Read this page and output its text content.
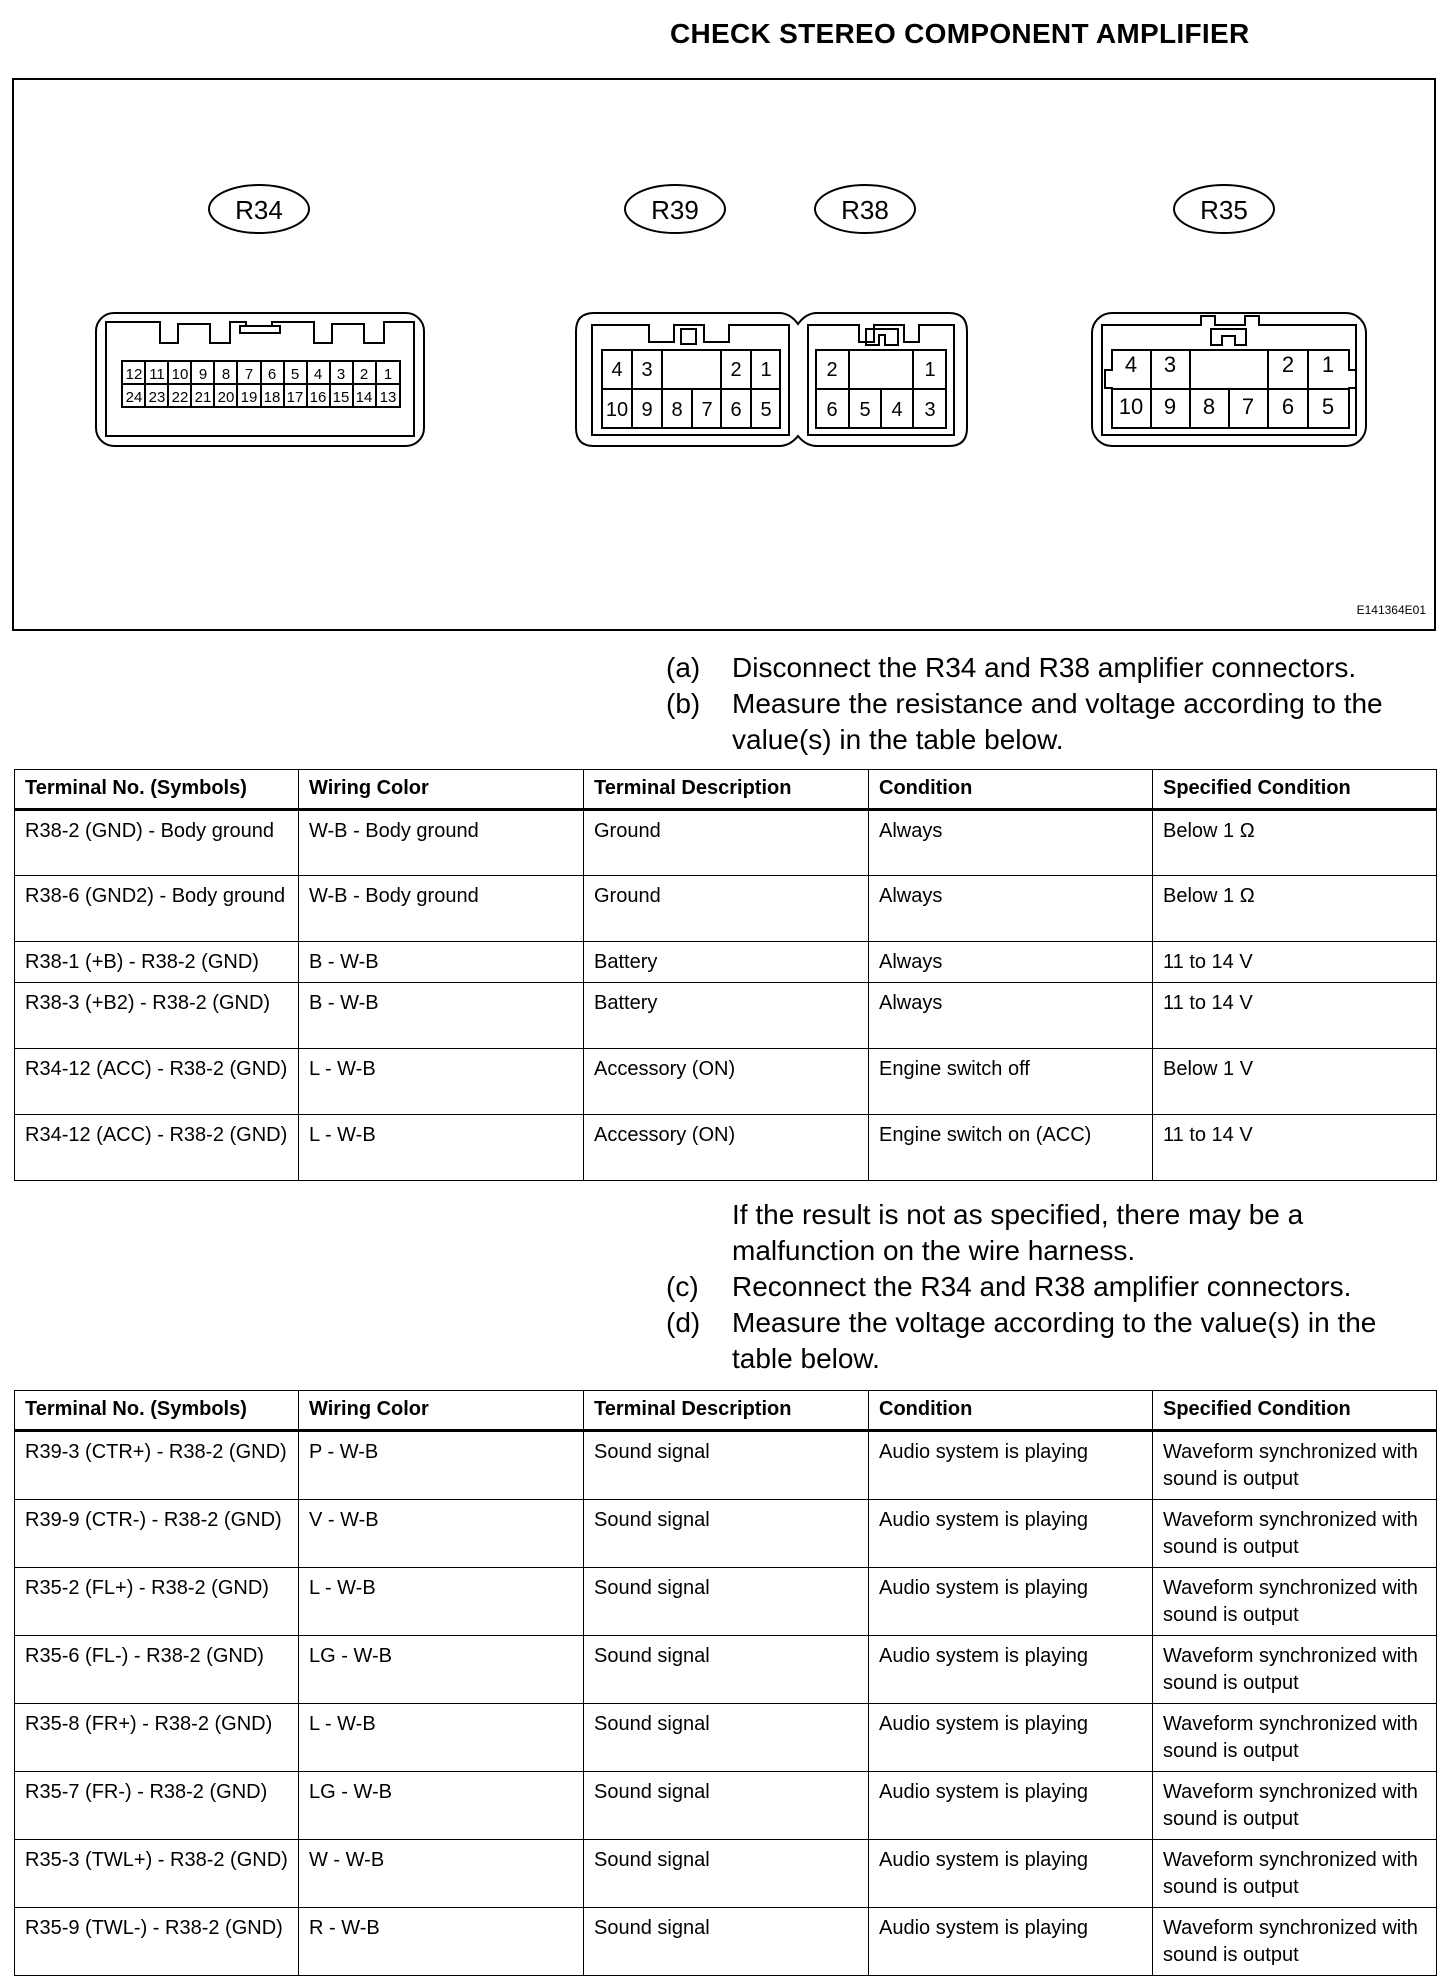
CHECK STEREO COMPONENT AMPLIFIER
R34	R39	R38	R35
12 11 10 9 8 7 6 5 4 3 2 1
24 23 22 21 20 19 18 17 16 15 14 13
4 3	2 1
10 9 8 7 6 5
2	1
6 5 4 3
4 3	2 1
10 9 8 7 6 5
E141364E01
(a)	Disconnect the R34 and R38 amplifier connectors.
(b)	Measure the resistance and voltage according to the value(s) in the table below.
Terminal No. (Symbols)	Wiring Color	Terminal Description	Condition	Specified Condition
R38-2 (GND) - Body ground	W-B - Body ground	Ground	Always	Below 1 Ω
R38-6 (GND2) - Body ground	W-B - Body ground	Ground	Always	Below 1 Ω
R38-1 (+B) - R38-2 (GND)	B - W-B	Battery	Always	11 to 14 V
R38-3 (+B2) - R38-2 (GND)	B - W-B	Battery	Always	11 to 14 V
R34-12 (ACC) - R38-2 (GND)	L - W-B	Accessory (ON)	Engine switch off	Below 1 V
R34-12 (ACC) - R38-2 (GND)	L - W-B	Accessory (ON)	Engine switch on (ACC)	11 to 14 V
If the result is not as specified, there may be a malfunction on the wire harness.
(c)	Reconnect the R34 and R38 amplifier connectors.
(d)	Measure the voltage according to the value(s) in the table below.
Terminal No. (Symbols)	Wiring Color	Terminal Description	Condition	Specified Condition
R39-3 (CTR+) - R38-2 (GND)	P - W-B	Sound signal	Audio system is playing	Waveform synchronized with sound is output
R39-9 (CTR-) - R38-2 (GND)	V - W-B	Sound signal	Audio system is playing	Waveform synchronized with sound is output
R35-2 (FL+) - R38-2 (GND)	L - W-B	Sound signal	Audio system is playing	Waveform synchronized with sound is output
R35-6 (FL-) - R38-2 (GND)	LG - W-B	Sound signal	Audio system is playing	Waveform synchronized with sound is output
R35-8 (FR+) - R38-2 (GND)	L - W-B	Sound signal	Audio system is playing	Waveform synchronized with sound is output
R35-7 (FR-) - R38-2 (GND)	LG - W-B	Sound signal	Audio system is playing	Waveform synchronized with sound is output
R35-3 (TWL+) - R38-2 (GND)	W - W-B	Sound signal	Audio system is playing	Waveform synchronized with sound is output
R35-9 (TWL-) - R38-2 (GND)	R - W-B	Sound signal	Audio system is playing	Waveform synchronized with sound is output
